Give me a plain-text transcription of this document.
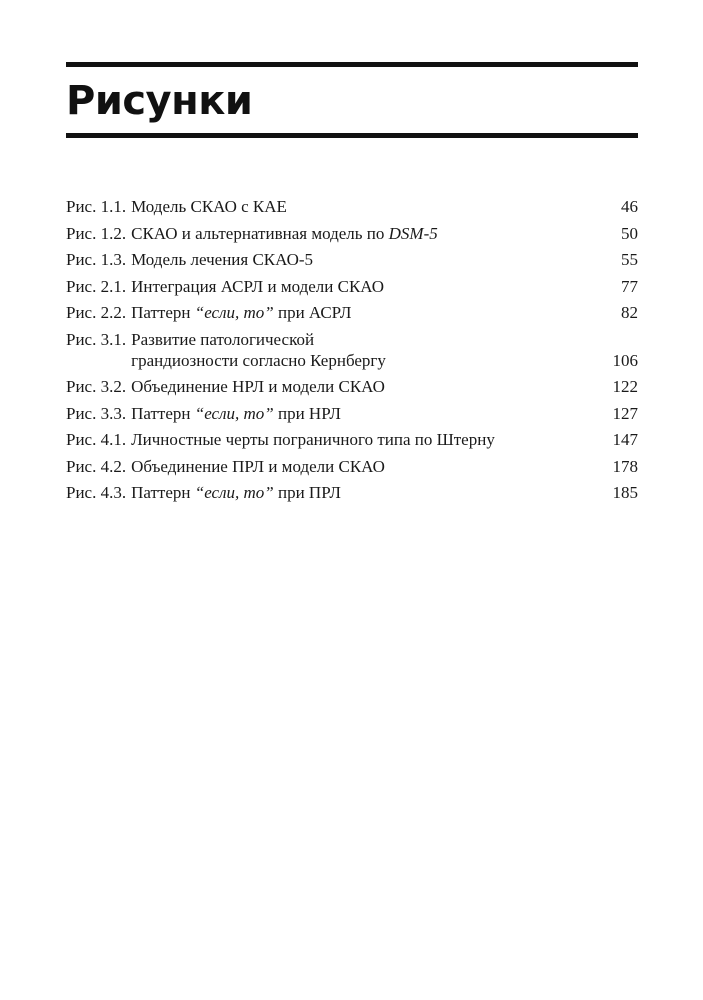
Рисунки
Рис. 1.1. Модель СКАО с КАЕ	46
Рис. 1.2. СКАО и альтернативная модель по DSM-5	50
Рис. 1.3. Модель лечения СКАО-5	55
Рис. 2.1. Интеграция АСРЛ и модели СКАО	77
Рис. 2.2. Паттерн “если, то” при АСРЛ	82
Рис. 3.1. Развитие патологической
грандиозности согласно Кернбергу	106
Рис. 3.2. Объединение НРЛ и модели СКАО	122
Рис. 3.3. Паттерн “если, то” при НРЛ	127
Рис. 4.1. Личностные черты пограничного типа по Штерну	147
Рис. 4.2. Объединение ПРЛ и модели СКАО	178
Рис. 4.3. Паттерн “если, то” при ПРЛ	185
